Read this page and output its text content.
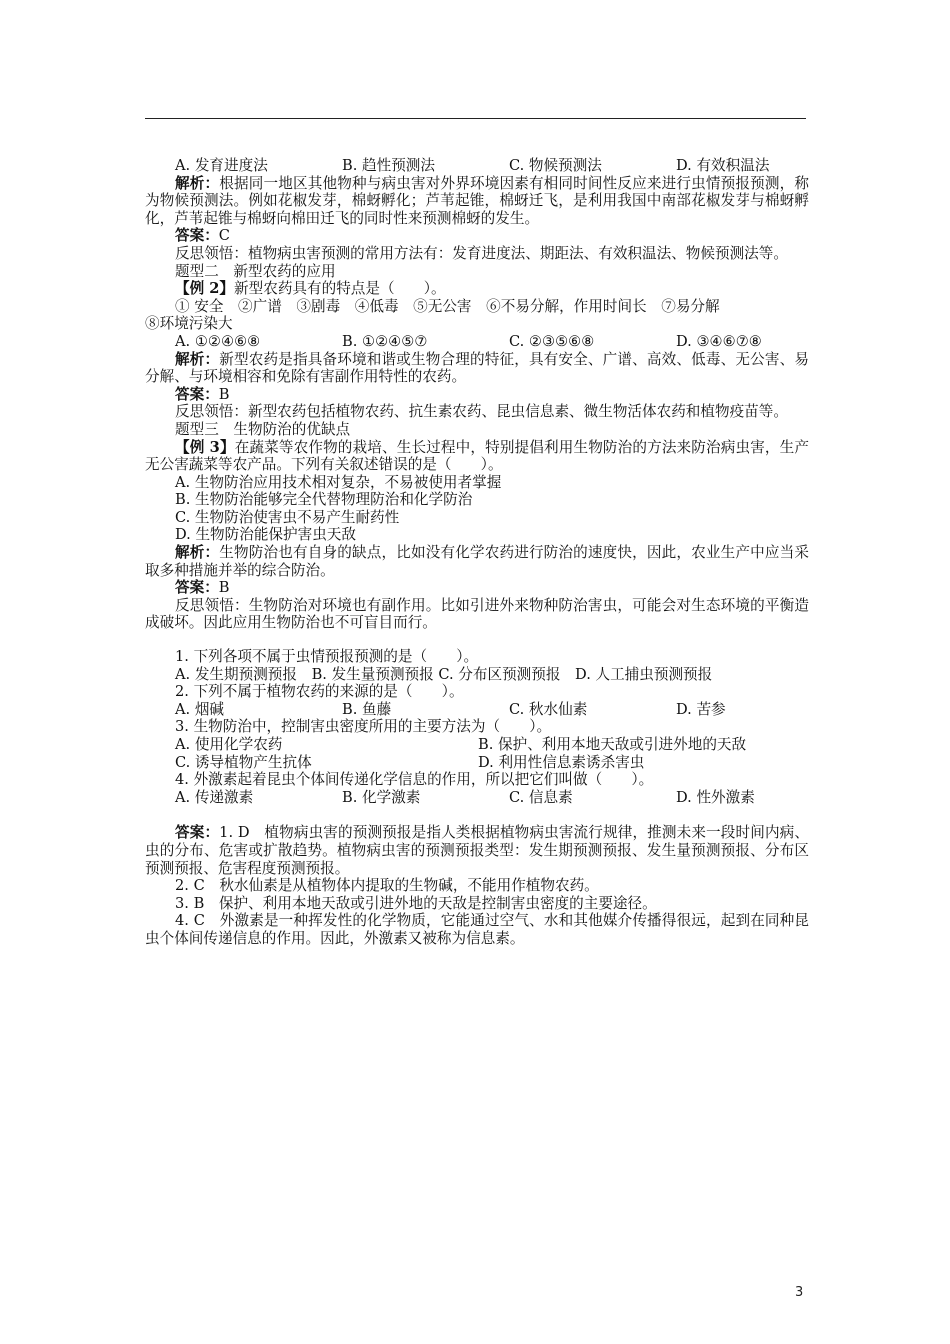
A. 发育进度法	B. 趋性预测法	C. 物候预测法	D. 有效积温法
解析：根据同一地区其他物种与病虫害对外界环境因素有相同时间性反应来进行虫情预报预测，称为物候预测法。例如花椒发芽，棉蚜孵化；芦苇起锥，棉蚜迁飞，是利用我国中南部花椒发芽与棉蚜孵化，芦苇起锥与棉蚜向棉田迁飞的同时性来预测棉蚜的发生。
答案：C
反思领悟：植物病虫害预测的常用方法有：发育进度法、期距法、有效积温法、物候预测法等。
题型二　新型农药的应用
【例 2】新型农药具有的特点是（　　）。
① 安全　②广谱　③剧毒　④低毒　⑤无公害　⑥不易分解，作用时间长　⑦易分解
⑧环境污染大
A. ①②④⑥⑧	B. ①②④⑤⑦	C. ②③⑤⑥⑧	D. ③④⑥⑦⑧
解析：新型农药是指具备环境和谐或生物合理的特征，具有安全、广谱、高效、低毒、无公害、易分解、与环境相容和免除有害副作用特性的农药。
答案：B
反思领悟：新型农药包括植物农药、抗生素农药、昆虫信息素、微生物活体农药和植物疫苗等。
题型三　生物防治的优缺点
【例 3】在蔬菜等农作物的栽培、生长过程中，特别提倡利用生物防治的方法来防治病虫害，生产无公害蔬菜等农产品。下列有关叙述错误的是（　　）。
A. 生物防治应用技术相对复杂，不易被使用者掌握
B. 生物防治能够完全代替物理防治和化学防治
C. 生物防治使害虫不易产生耐药性
D. 生物防治能保护害虫天敌
解析：生物防治也有自身的缺点，比如没有化学农药进行防治的速度快，因此，农业生产中应当采取多种措施并举的综合防治。
答案：B
反思领悟：生物防治对环境也有副作用。比如引进外来物种防治害虫，可能会对生态环境的平衡造成破坏。因此应用生物防治也不可盲目而行。
1. 下列各项不属于虫情预报预测的是（　　）。
A. 发生期预测预报　B. 发生量预测预报 C. 分布区预测预报　D. 人工捕虫预测预报
2. 下列不属于植物农药的来源的是（　　）。
A. 烟碱	B. 鱼藤	C. 秋水仙素	D. 苦参
3. 生物防治中，控制害虫密度所用的主要方法为（　　）。
A. 使用化学农药	B. 保护、利用本地天敌或引进外地的天敌
C. 诱导植物产生抗体	D. 利用性信息素诱杀害虫
4. 外激素起着昆虫个体间传递化学信息的作用，所以把它们叫做（　　）。
A. 传递激素	B. 化学激素	C. 信息素	D. 性外激素
答案：1. D　植物病虫害的预测预报是指人类根据植物病虫害流行规律，推测未来一段时间内病、虫的分布、危害或扩散趋势。植物病虫害的预测预报类型：发生期预测预报、发生量预测预报、分布区预测预报、危害程度预测预报。
2. C　秋水仙素是从植物体内提取的生物碱，不能用作植物农药。
3. B　保护、利用本地天敌或引进外地的天敌是控制害虫密度的主要途径。
4. C　外激素是一种挥发性的化学物质，它能通过空气、水和其他媒介传播得很远，起到在同种昆虫个体间传递信息的作用。因此，外激素又被称为信息素。
3
